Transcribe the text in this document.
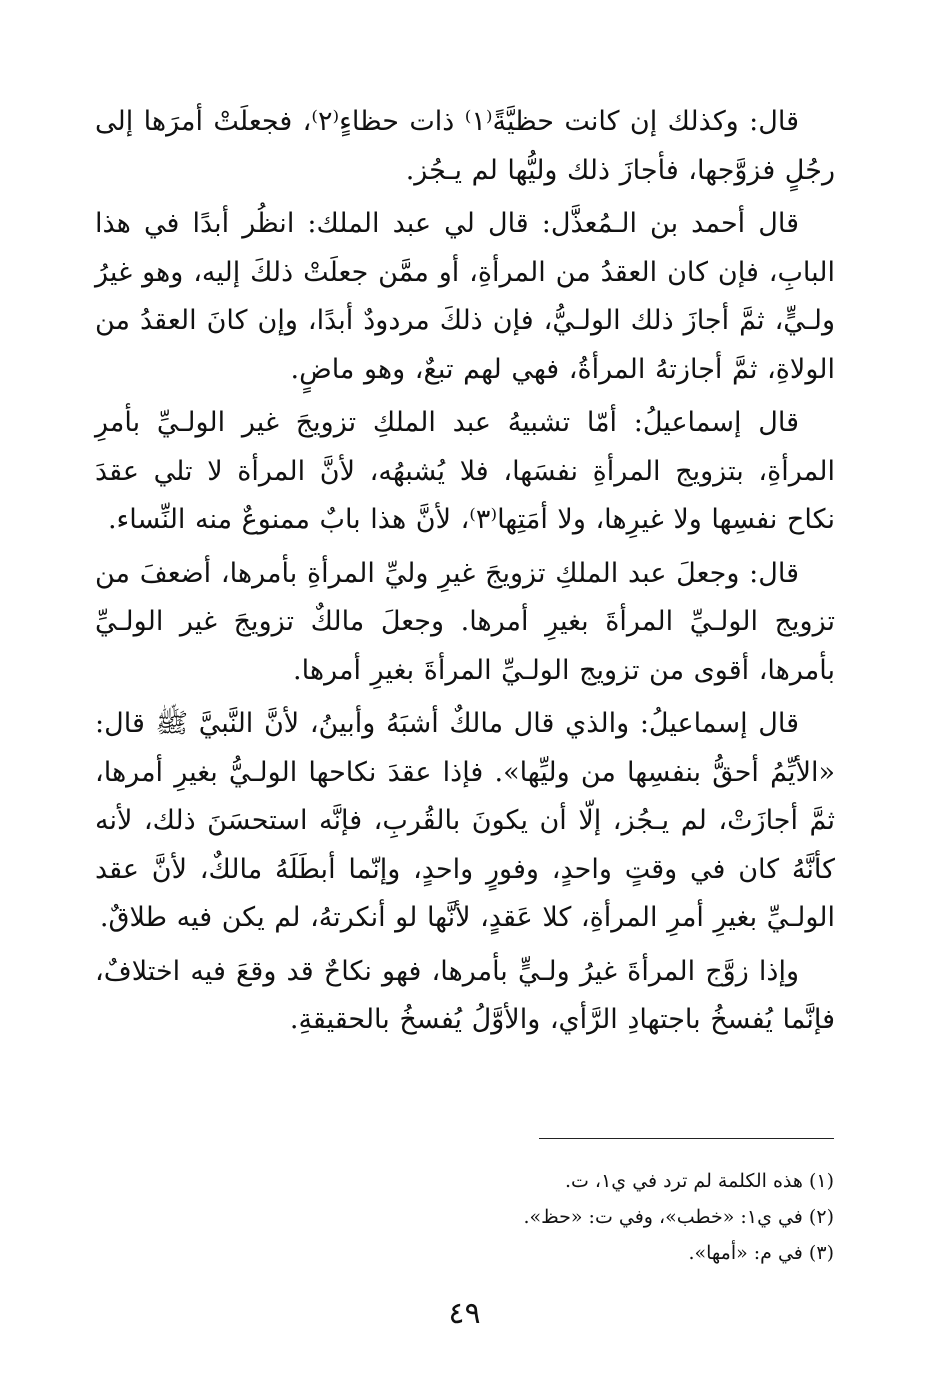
قال: وكذلك إن كانت حظيَّةً⁽١⁾ ذات حظاءٍ⁽٢⁾، فجعلَتْ أمرَها إلى رجُلٍ فزوَّجها، فأجازَ ذلك وليُّها لم يـجُز.

قال أحمد بن الـمُعذَّل: قال لي عبد الملك: انظُر أبدًا في هذا البابِ، فإن كان العقدُ من المرأةِ، أو ممَّن جعلَتْ ذلكَ إليه، وهو غيرُ ولـيٍّ، ثمَّ أجازَ ذلك الولـيُّ، فإن ذلكَ مردودٌ أبدًا، وإن كانَ العقدُ من الولاةِ، ثمَّ أجازتهُ المرأةُ، فهي لهم تبعٌ، وهو ماضٍ.

قال إسماعيلُ: أمّا تشبيهُ عبد الملكِ تزويجَ غير الولـيِّ بأمرِ المرأةِ، بتزويج المرأةِ نفسَها، فلا يُشبهُه، لأنَّ المرأة لا تلي عقدَ نكاح نفسِها ولا غيرِها، ولا أمَتِها⁽٣⁾، لأنَّ هذا بابٌ ممنوعٌ منه النِّساء.

قال: وجعلَ عبد الملكِ تزويجَ غيرِ وليِّ المرأةِ بأمرها، أضعفَ من تزويج الولـيِّ المرأةَ بغيرِ أمرها. وجعلَ مالكٌ تزويجَ غير الولـيِّ بأمرها، أقوى من تزويج الولـيِّ المرأةَ بغيرِ أمرها.

قال إسماعيلُ: والذي قال مالكٌ أشبَهُ وأبينُ، لأنَّ النَّبيَّ ﷺ قال: «الأيِّمُ أحقُّ بنفسِها من وليِّها». فإذا عقدَ نكاحها الولـيُّ بغيرِ أمرها، ثمَّ أجازَتْ، لم يـجُز، إلّا أن يكونَ بالقُربِ، فإنَّه استحسَنَ ذلك، لأنه كأنَّهُ كان في وقتٍ واحدٍ، وفورٍ واحدٍ، وإنّما أبطَلَهُ مالكٌ، لأنَّ عقد الولـيِّ بغيرِ أمرِ المرأةِ، كلا عَقدٍ، لأنَّها لو أنكرتهُ، لم يكن فيه طلاقٌ.

وإذا زوَّج المرأةَ غيرُ ولـيٍّ بأمرها، فهو نكاحٌ قد وقعَ فيه اختلافٌ، فإنَّما يُفسخُ باجتهادِ الرَّأي، والأوَّلُ يُفسخُ بالحقيقةِ.

(١) هذه الكلمة لم ترد في ي١، ت.

(٢) في ي١: «خطب»، وفي ت: «حظ».

(٣) في م: «أمها».

٤٩
